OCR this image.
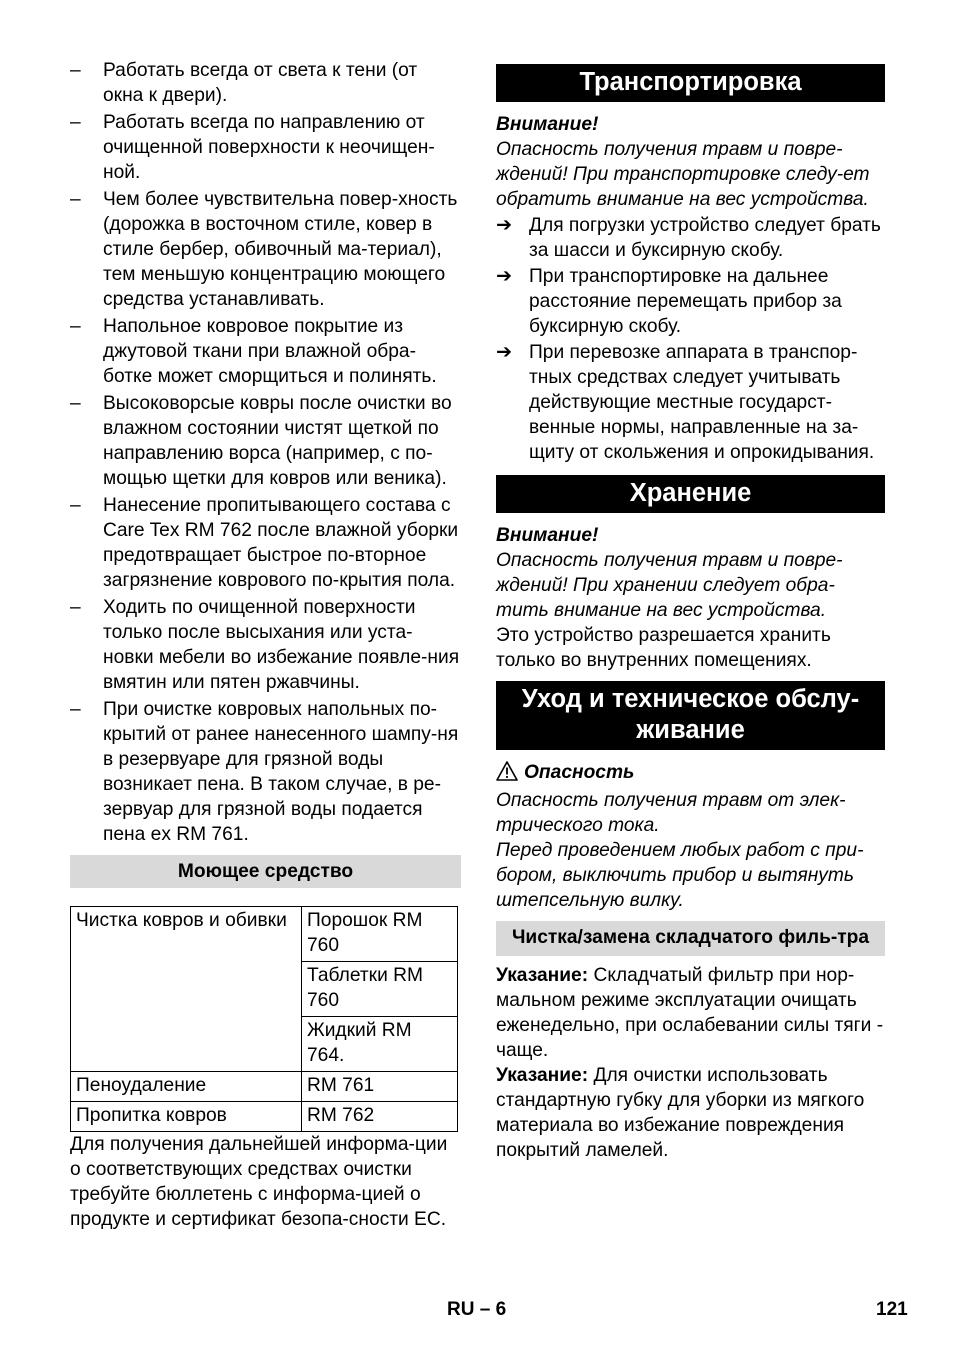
– Работать всегда от света к тени (от окна к двери).
– Работать всегда по направлению от очищенной поверхности к неочищен-ной.
– Чем более чувствительна повер-хность (дорожка в восточном стиле, ковер в стиле бербер, обивочный ма-териал), тем меньшую концентрацию моющего средства устанавливать.
– Напольное ковровое покрытие из джутовой ткани при влажной обра-ботке может сморщиться и полинять.
– Высоковорсые ковры после очистки во влажном состоянии чистят щеткой по направлению ворса (например, с по-мощью щетки для ковров или веника).
– Нанесение пропитывающего состава с Care Tex RM 762 после влажной уборки предотвращает быстрое по-вторное загрязнение коврового по-крытия пола.
– Ходить по очищенной поверхности только после высыхания или уста-новки мебели во избежание появле-ния вмятин или пятен ржавчины.
– При очистке ковровых напольных по-крытий от ранее нанесенного шампу-ня в резервуаре для грязной воды возникает пена. В таком случае, в ре-зервуар для грязной воды подается пена ex RM 761.
Моющее средство
Чистка ковров и обивки	Порошок RM 760
	Таблетки RM 760
	Жидкий RM 764.
Пеноудаление	RM 761
Пропитка ковров	RM 762
Для получения дальнейшей информа-ции о соответствующих средствах очистки требуйте бюллетень с информа-цией о продукте и сертификат безопа-сности ЕС.
Транспортировка
Внимание!
Опасность получения травм и повре-ждений! При транспортировке следу-ет обратить внимание на вес устройства.
➔ Для погрузки устройство следует брать за шасси и буксирную скобу.
➔ При транспортировке на дальнее расстояние перемещать прибор за буксирную скобу.
➔ При перевозке аппарата в транспор-тных средствах следует учитывать действующие местные государст-венные нормы, направленные на за-щиту от скольжения и опрокидывания.
Хранение
Внимание!
Опасность получения травм и повре-ждений! При хранении следует обра-тить внимание на вес устройства.
Это устройство разрешается хранить только во внутренних помещениях.
Уход и техническое обслу-живание
Опасность
Опасность получения травм от элек-трического тока.
Перед проведением любых работ с при-бором, выключить прибор и вытянуть штепсельную вилку.
Чистка/замена складчатого филь-тра
Указание: Складчатый фильтр при нор-мальном режиме эксплуатации очищать еженедельно, при ослабевании силы тяги - чаще.
Указание: Для очистки использовать стандартную губку для уборки из мягкого материала во избежание повреждения покрытий ламелей.
RU – 6	121
